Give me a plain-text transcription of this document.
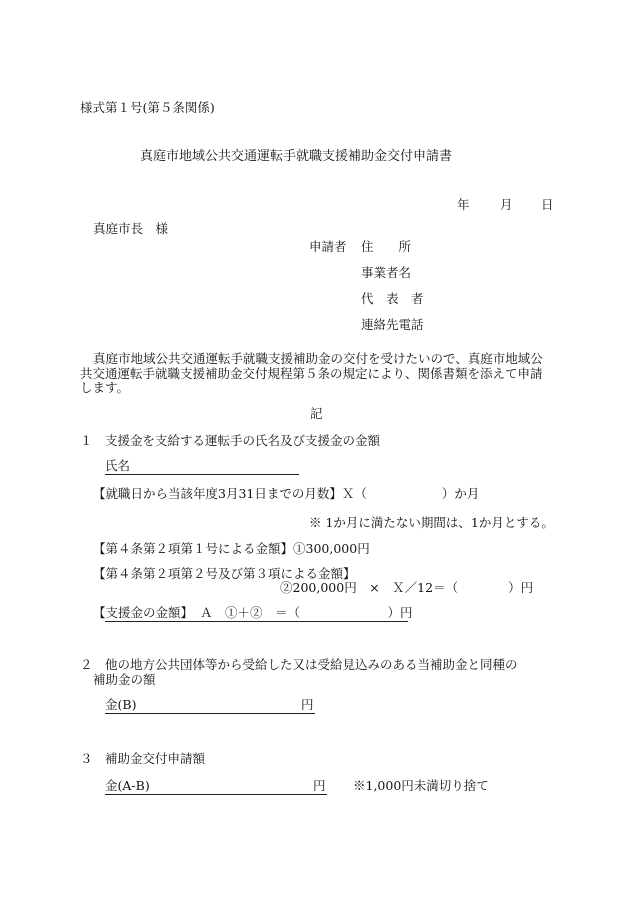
様式第１号(第５条関係)
真庭市地域公共交通運転手就職支援補助金交付申請書
年 月 日
真庭市長　様
申請者 住　　所
事業者名
代　表　者
連絡先電話
真庭市地域公共交通運転手就職支援補助金の交付を受けたいので、真庭市地域公共交通運転手就職支援補助金交付規程第５条の規定により、関係書類を添えて申請します。
記
１　支援金を支給する運転手の氏名及び支援金の金額
氏名
【就職日から当該年度3月31日までの月数】Ｘ（　　　　　　）か月
※ 1か月に満たない期間は、1か月とする。
【第４条第２項第１号による金額】①300,000円
【第４条第２項第２号及び第３項による金額】
②200,000円　×　Ｘ／12＝（　　　　）円
【支援金の金額】 Ａ　①＋②　＝（　　　　　　　）円
２　他の地方公共団体等から受給した又は受給見込みのある当補助金と同種の
補助金の額
金(B)	円
３　補助金交付申請額
金(A-B)	円 ※1,000円未満切り捨て
